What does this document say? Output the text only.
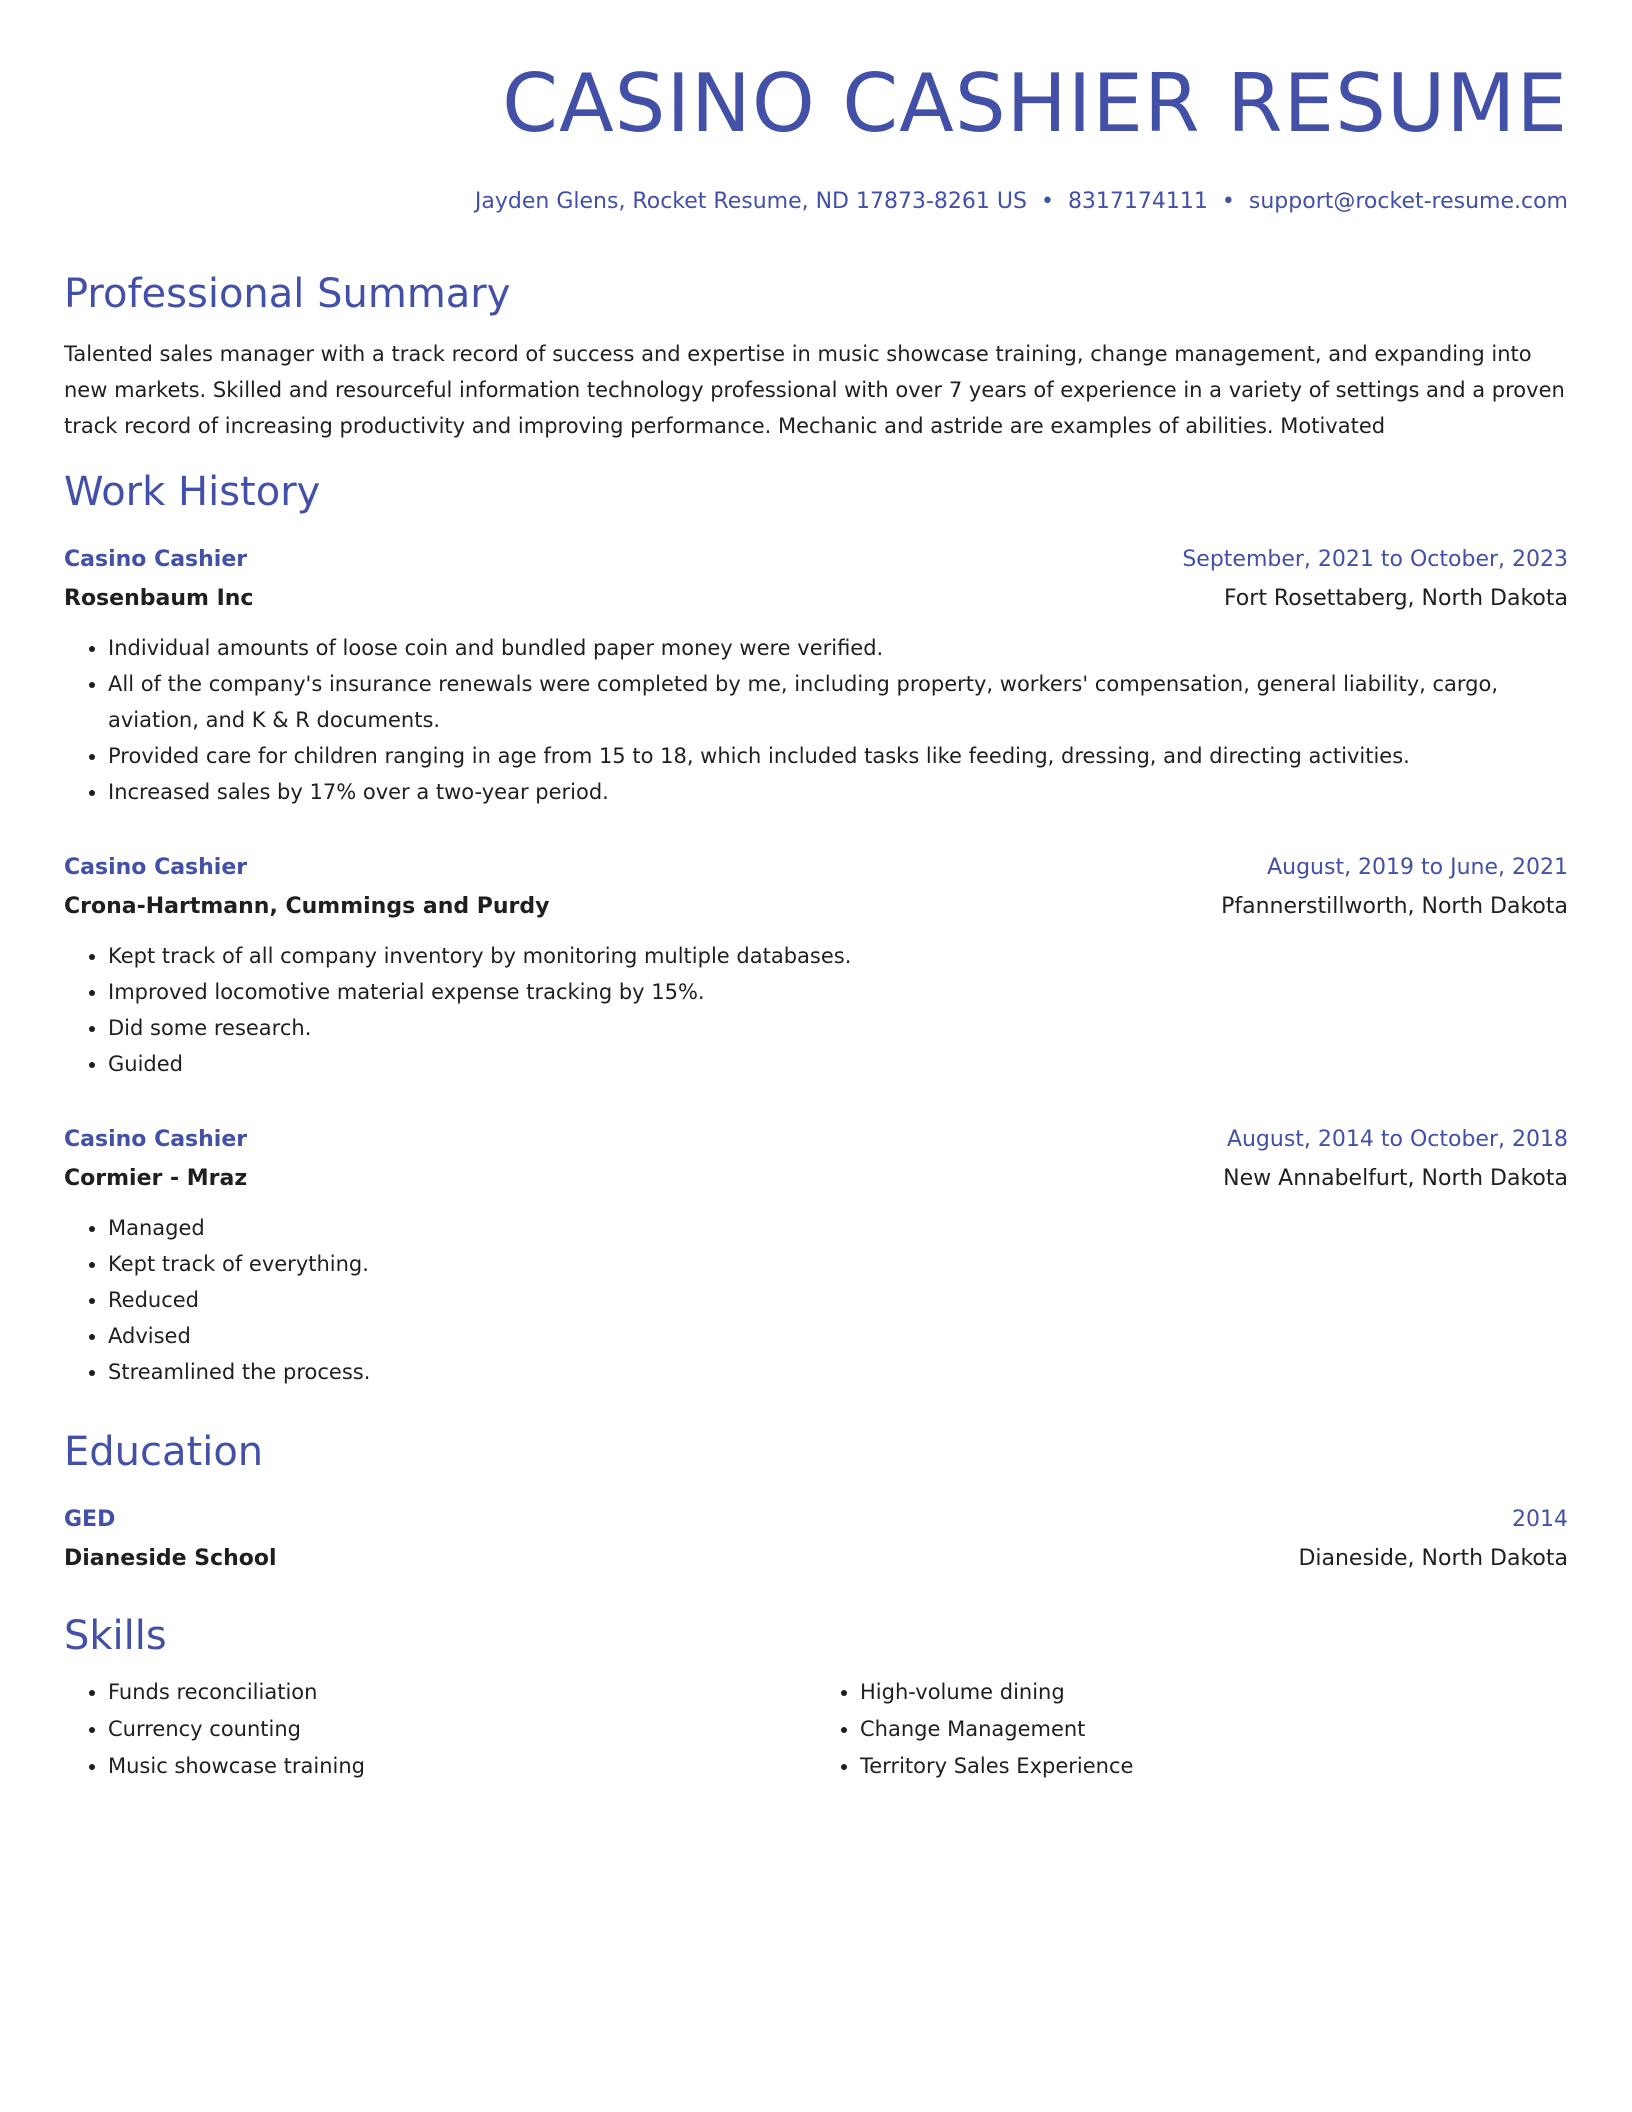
CASINO CASHIER RESUME
Jayden Glens, Rocket Resume, ND 17873-8261 US • 8317174111 • support@rocket-resume.com
Professional Summary

Talented sales manager with a track record of success and expertise in music showcase training, change management, and expanding into new markets. Skilled and resourceful information technology professional with over 7 years of experience in a variety of settings and a proven track record of increasing productivity and improving performance. Mechanic and astride are examples of abilities. Motivated

Work History
Casino Cashier	September, 2021 to October, 2023
Rosenbaum Inc	Fort Rosettaberg, North Dakota
• Individual amounts of loose coin and bundled paper money were verified.
• All of the company's insurance renewals were completed by me, including property, workers' compensation, general liability, cargo, aviation, and K & R documents.
• Provided care for children ranging in age from 15 to 18, which included tasks like feeding, dressing, and directing activities.
• Increased sales by 17% over a two-year period.
Casino Cashier	August, 2019 to June, 2021
Crona-Hartmann, Cummings and Purdy	Pfannerstillworth, North Dakota
• Kept track of all company inventory by monitoring multiple databases.
• Improved locomotive material expense tracking by 15%.
• Did some research.
• Guided
Casino Cashier	August, 2014 to October, 2018
Cormier - Mraz	New Annabelfurt, North Dakota
• Managed
• Kept track of everything.
• Reduced
• Advised
• Streamlined the process.
Education
GED	2014
Dianeside School	Dianeside, North Dakota
Skills
• Funds reconciliation
• Currency counting
• Music showcase training
• High-volume dining
• Change Management
• Territory Sales Experience
